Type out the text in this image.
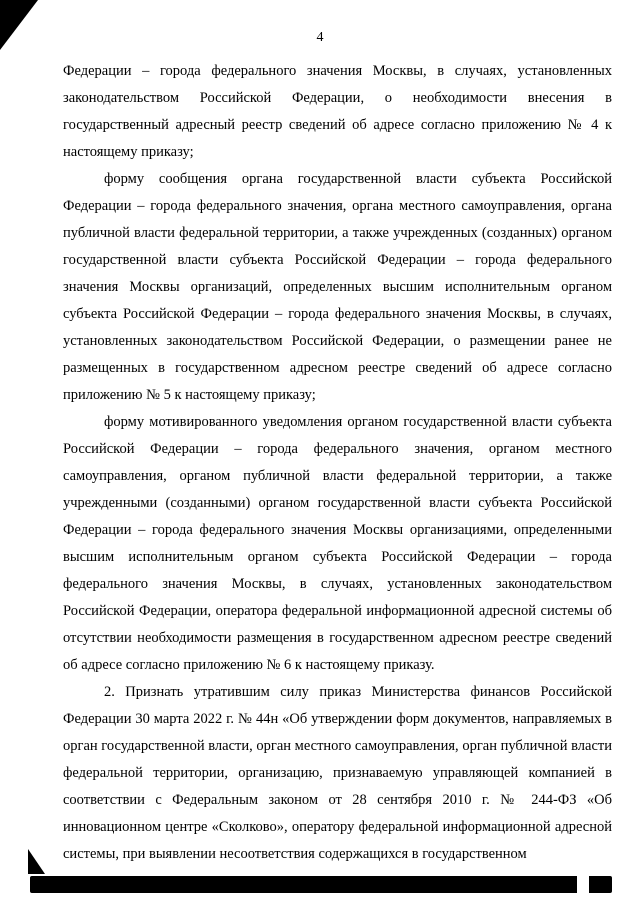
4

Федерации – города федерального значения Москвы, в случаях, установленных законодательством Российской Федерации, о необходимости внесения в государственный адресный реестр сведений об адресе согласно приложению № 4 к настоящему приказу;

форму сообщения органа государственной власти субъекта Российской Федерации – города федерального значения, органа местного самоуправления, органа публичной власти федеральной территории, а также учрежденных (созданных) органом государственной власти субъекта Российской Федерации – города федерального значения Москвы организаций, определенных высшим исполнительным органом субъекта Российской Федерации – города федерального значения Москвы, в случаях, установленных законодательством Российской Федерации, о размещении ранее не размещенных в государственном адресном реестре сведений об адресе согласно приложению № 5 к настоящему приказу;

форму мотивированного уведомления органом государственной власти субъекта Российской Федерации – города федерального значения, органом местного самоуправления, органом публичной власти федеральной территории, а также учрежденными (созданными) органом государственной власти субъекта Российской Федерации – города федерального значения Москвы организациями, определенными высшим исполнительным органом субъекта Российской Федерации – города федерального значения Москвы, в случаях, установленных законодательством Российской Федерации, оператора федеральной информационной адресной системы об отсутствии необходимости размещения в государственном адресном реестре сведений об адресе согласно приложению № 6 к настоящему приказу.

2. Признать утратившим силу приказ Министерства финансов Российской Федерации 30 марта 2022 г. № 44н «Об утверждении форм документов, направляемых в орган государственной власти, орган местного самоуправления, орган публичной власти федеральной территории, организацию, признаваемую управляющей компанией в соответствии с Федеральным законом от 28 сентября 2010 г. № 244-ФЗ «Об инновационном центре «Сколково», оператору федеральной информационной адресной системы, при выявлении несоответствия содержащихся в государственном
